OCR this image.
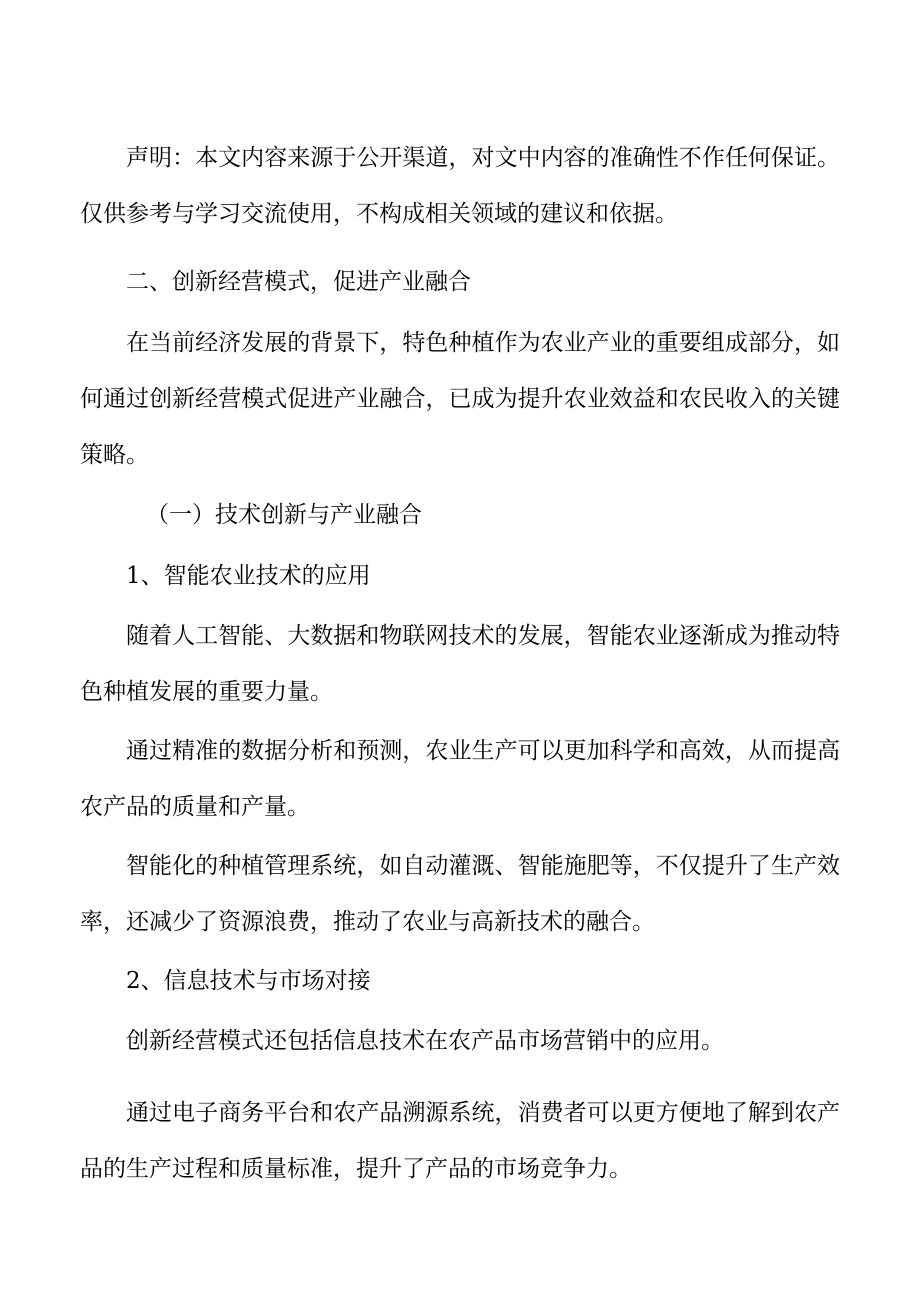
声明：本文内容来源于公开渠道，对文中内容的准确性不作任何保证。仅供参考与学习交流使用，不构成相关领域的建议和依据。

二、创新经营模式，促进产业融合

在当前经济发展的背景下，特色种植作为农业产业的重要组成部分，如何通过创新经营模式促进产业融合，已成为提升农业效益和农民收入的关键策略。

（一）技术创新与产业融合
1、智能农业技术的应用

随着人工智能、大数据和物联网技术的发展，智能农业逐渐成为推动特色种植发展的重要力量。

通过精准的数据分析和预测，农业生产可以更加科学和高效，从而提高农产品的质量和产量。

智能化的种植管理系统，如自动灌溉、智能施肥等，不仅提升了生产效率，还减少了资源浪费，推动了农业与高新技术的融合。

2、信息技术与市场对接

创新经营模式还包括信息技术在农产品市场营销中的应用。

通过电子商务平台和农产品溯源系统，消费者可以更方便地了解到农产品的生产过程和质量标准，提升了产品的市场竞争力。
